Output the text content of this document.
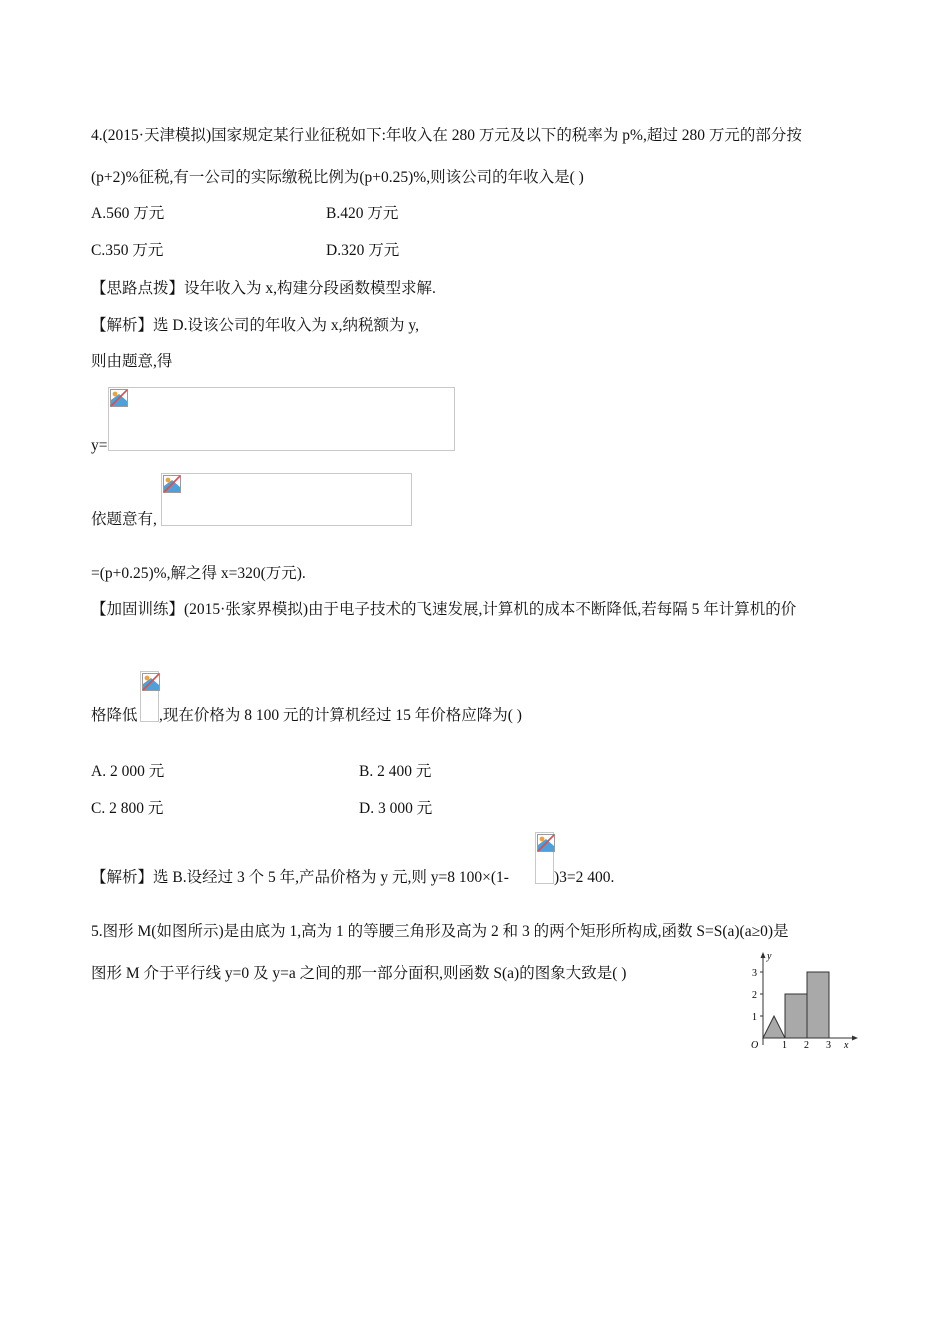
4.(2015·天津模拟)国家规定某行业征税如下:年收入在 280 万元及以下的税率为 p%,超过 280 万元的部分按
(p+2)%征税,有一公司的实际缴税比例为(p+0.25)%,则该公司的年收入是( )
A.560 万元	B.420 万元
C.350 万元	D.320 万元
【思路点拨】设年收入为 x,构建分段函数模型求解.
【解析】选 D.设该公司的年收入为 x,纳税额为 y,
则由题意,得
y=
依题意有,
=(p+0.25)%,解之得 x=320(万元).
【加固训练】(2015·张家界模拟)由于电子技术的飞速发展,计算机的成本不断降低,若每隔 5 年计算机的价
格降低 ,现在价格为 8 100 元的计算机经过 15 年价格应降为( )
A. 2 000 元	B. 2 400 元
C. 2 800 元	D. 3 000 元
【解析】选 B.设经过 3 个 5 年,产品价格为 y 元,则 y=8 100×(1-	)3=2 400.
5.图形 M(如图所示)是由底为 1,高为 1 的等腰三角形及高为 2 和 3 的两个矩形所构成,函数 S=S(a)(a≥0)是
图形 M 介于平行线 y=0 及 y=a 之间的那一部分面积,则函数 S(a)的图象大致是( )
y
x
O
1
2
3
1 2 3
